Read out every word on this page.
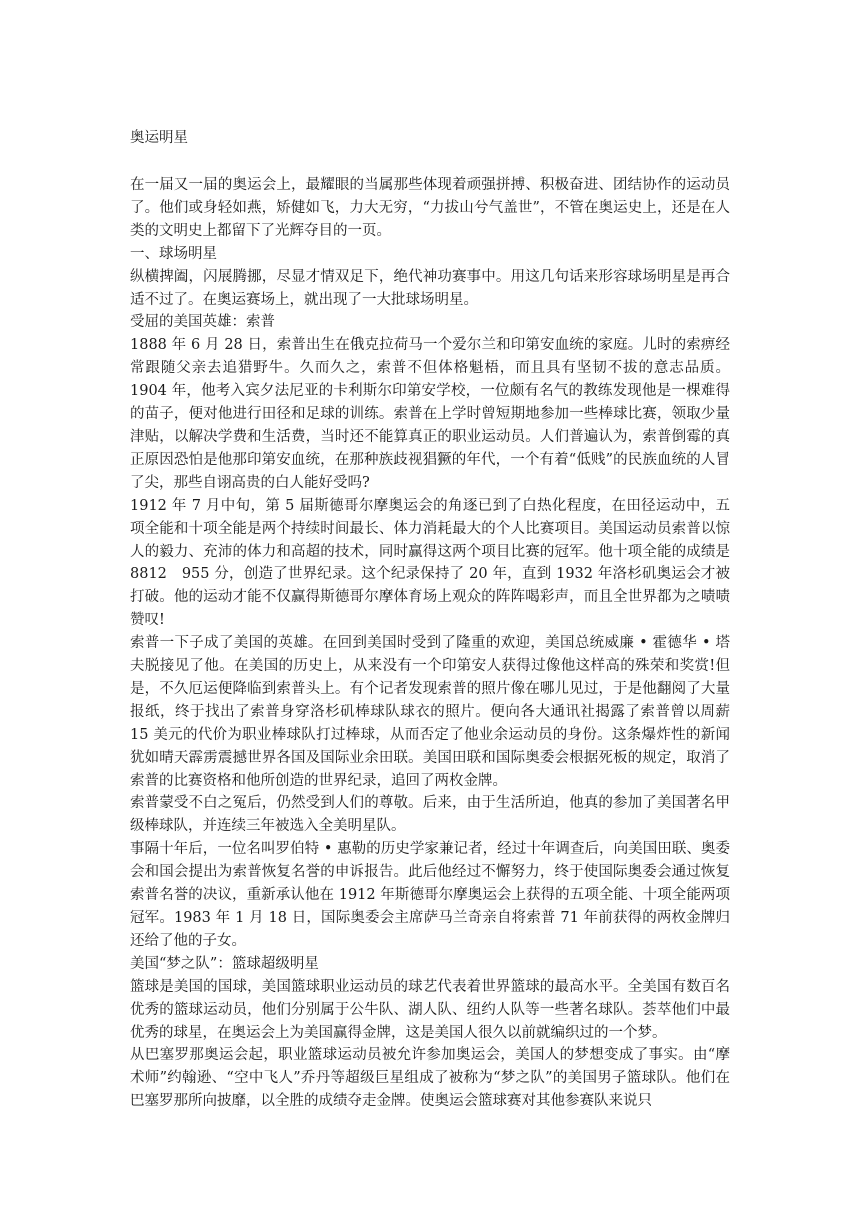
奥运明星

在一届又一届的奥运会上，最耀眼的当属那些体现着顽强拼搏、积极奋进、团结协作的运动员了。他们或身轻如燕，矫健如飞，力大无穷，“力拔山兮气盖世”，不管在奥运史上，还是在人类的文明史上都留下了光辉夺目的一页。

一、球场明星

纵横捭阖，闪展腾挪，尽显才情双足下，绝代神功赛事中。用这几句话来形容球场明星是再合适不过了。在奥运赛场上，就出现了一大批球场明星。

受屈的美国英雄：索普

1888 年 6 月 28 日，索普出生在俄克拉荷马一个爱尔兰和印第安血统的家庭。儿时的索痹经常跟随父亲去追猎野牛。久而久之，索普不但体格魁梧，而且具有坚韧不拔的意志品质。1904 年，他考入宾夕法尼亚的卡利斯尔印第安学校，一位颇有名气的教练发现他是一棵难得的苗子，便对他进行田径和足球的训练。索普在上学时曾短期地参加一些棒球比赛，领取少量津贴，以解决学费和生活费，当时还不能算真正的职业运动员。人们普遍认为，索普倒霉的真正原因恐怕是他那印第安血统，在那种族歧视猖獗的年代，一个有着“低贱”的民族血统的人冒了尖，那些自诩高贵的白人能好受吗?

1912 年 7 月中旬，第 5 届斯德哥尔摩奥运会的角逐已到了白热化程度，在田径运动中，五项全能和十项全能是两个持续时间最长、体力消耗最大的个人比赛项目。美国运动员索普以惊人的毅力、充沛的体力和高超的技术，同时赢得这两个项目比赛的冠军。他十项全能的成绩是 8812　955 分，创造了世界纪录。这个纪录保持了 20 年，直到 1932 年洛杉矶奥运会才被打破。他的运动才能不仅赢得斯德哥尔摩体育场上观众的阵阵喝彩声，而且全世界都为之啧啧赞叹!

索普一下子成了美国的英雄。在回到美国时受到了隆重的欢迎，美国总统威廉 • 霍德华 • 塔夫脱接见了他。在美国的历史上，从来没有一个印第安人获得过像他这样高的殊荣和奖赏!但是，不久厄运便降临到索普头上。有个记者发现索普的照片像在哪儿见过，于是他翻阅了大量报纸，终于找出了索普身穿洛杉矶棒球队球衣的照片。便向各大通讯社揭露了索普曾以周薪 15 美元的代价为职业棒球队打过棒球，从而否定了他业余运动员的身份。这条爆炸性的新闻犹如晴天霹雳震撼世界各国及国际业余田联。美国田联和国际奥委会根据死板的规定，取消了索普的比赛资格和他所创造的世界纪录，追回了两枚金牌。

索普蒙受不白之冤后，仍然受到人们的尊敬。后来，由于生活所迫，他真的参加了美国著名甲级棒球队，并连续三年被选入全美明星队。

事隔十年后，一位名叫罗伯特 • 惠勒的历史学家兼记者，经过十年调查后，向美国田联、奥委会和国会提出为索普恢复名誉的申诉报告。此后他经过不懈努力，终于使国际奥委会通过恢复索普名誉的决议，重新承认他在 1912 年斯德哥尔摩奥运会上获得的五项全能、十项全能两项冠军。1983 年 1 月 18 日，国际奥委会主席萨马兰奇亲自将索普 71 年前获得的两枚金牌归还给了他的子女。

美国“梦之队”：篮球超级明星

篮球是美国的国球，美国篮球职业运动员的球艺代表着世界篮球的最高水平。全美国有数百名优秀的篮球运动员，他们分别属于公牛队、湖人队、纽约人队等一些著名球队。荟萃他们中最优秀的球星，在奥运会上为美国赢得金牌，这是美国人很久以前就编织过的一个梦。

从巴塞罗那奥运会起，职业篮球运动员被允许参加奥运会，美国人的梦想变成了事实。由“摩术师”约翰逊、“空中飞人”乔丹等超级巨星组成了被称为“梦之队”的美国男子篮球队。他们在巴塞罗那所向披靡，以全胜的成绩夺走金牌。使奥运会篮球赛对其他参赛队来说只
